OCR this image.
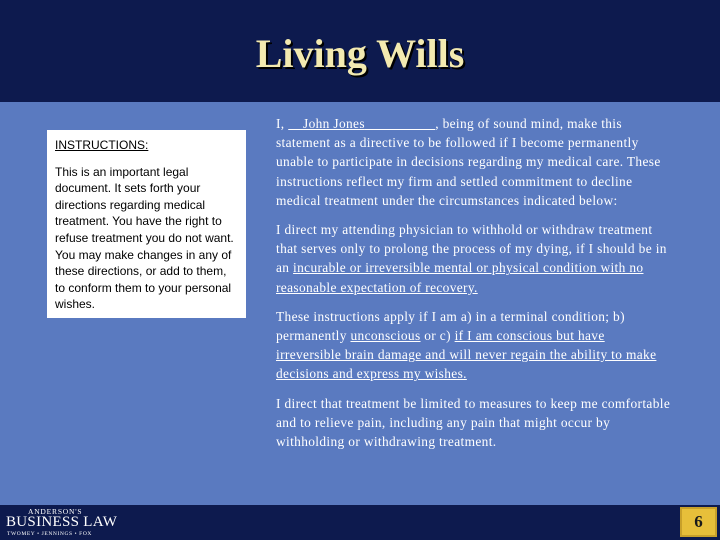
Living Wills

INSTRUCTIONS:

This is an important legal document. It sets forth your directions regarding medical treatment. You have the right to refuse treatment you do not want. You may make changes in any of these directions, or add to them, to conform them to your personal wishes.

I,     John Jones	, being of sound mind, make this statement as a directive to be followed if I become permanently unable to participate in decisions regarding my medical care. These instructions reflect my firm and settled commitment to decline medical treatment under the circumstances indicated below:

I direct my attending physician to withhold or withdraw treatment that serves only to prolong the process of my dying, if I should be in an incurable or irreversible mental or physical condition with no reasonable expectation of recovery.

These instructions apply if I am a) in a terminal condition; b) permanently unconscious or c) if I am conscious but have irreversible brain damage and will never regain the ability to make decisions and express my wishes.

I direct that treatment be limited to measures to keep me comfortable and to relieve pain, including any pain that might occur by withholding or withdrawing treatment.

ANDERSON'S
BUSINESS LAW
TWOMEY • JENNINGS • FOX
6
